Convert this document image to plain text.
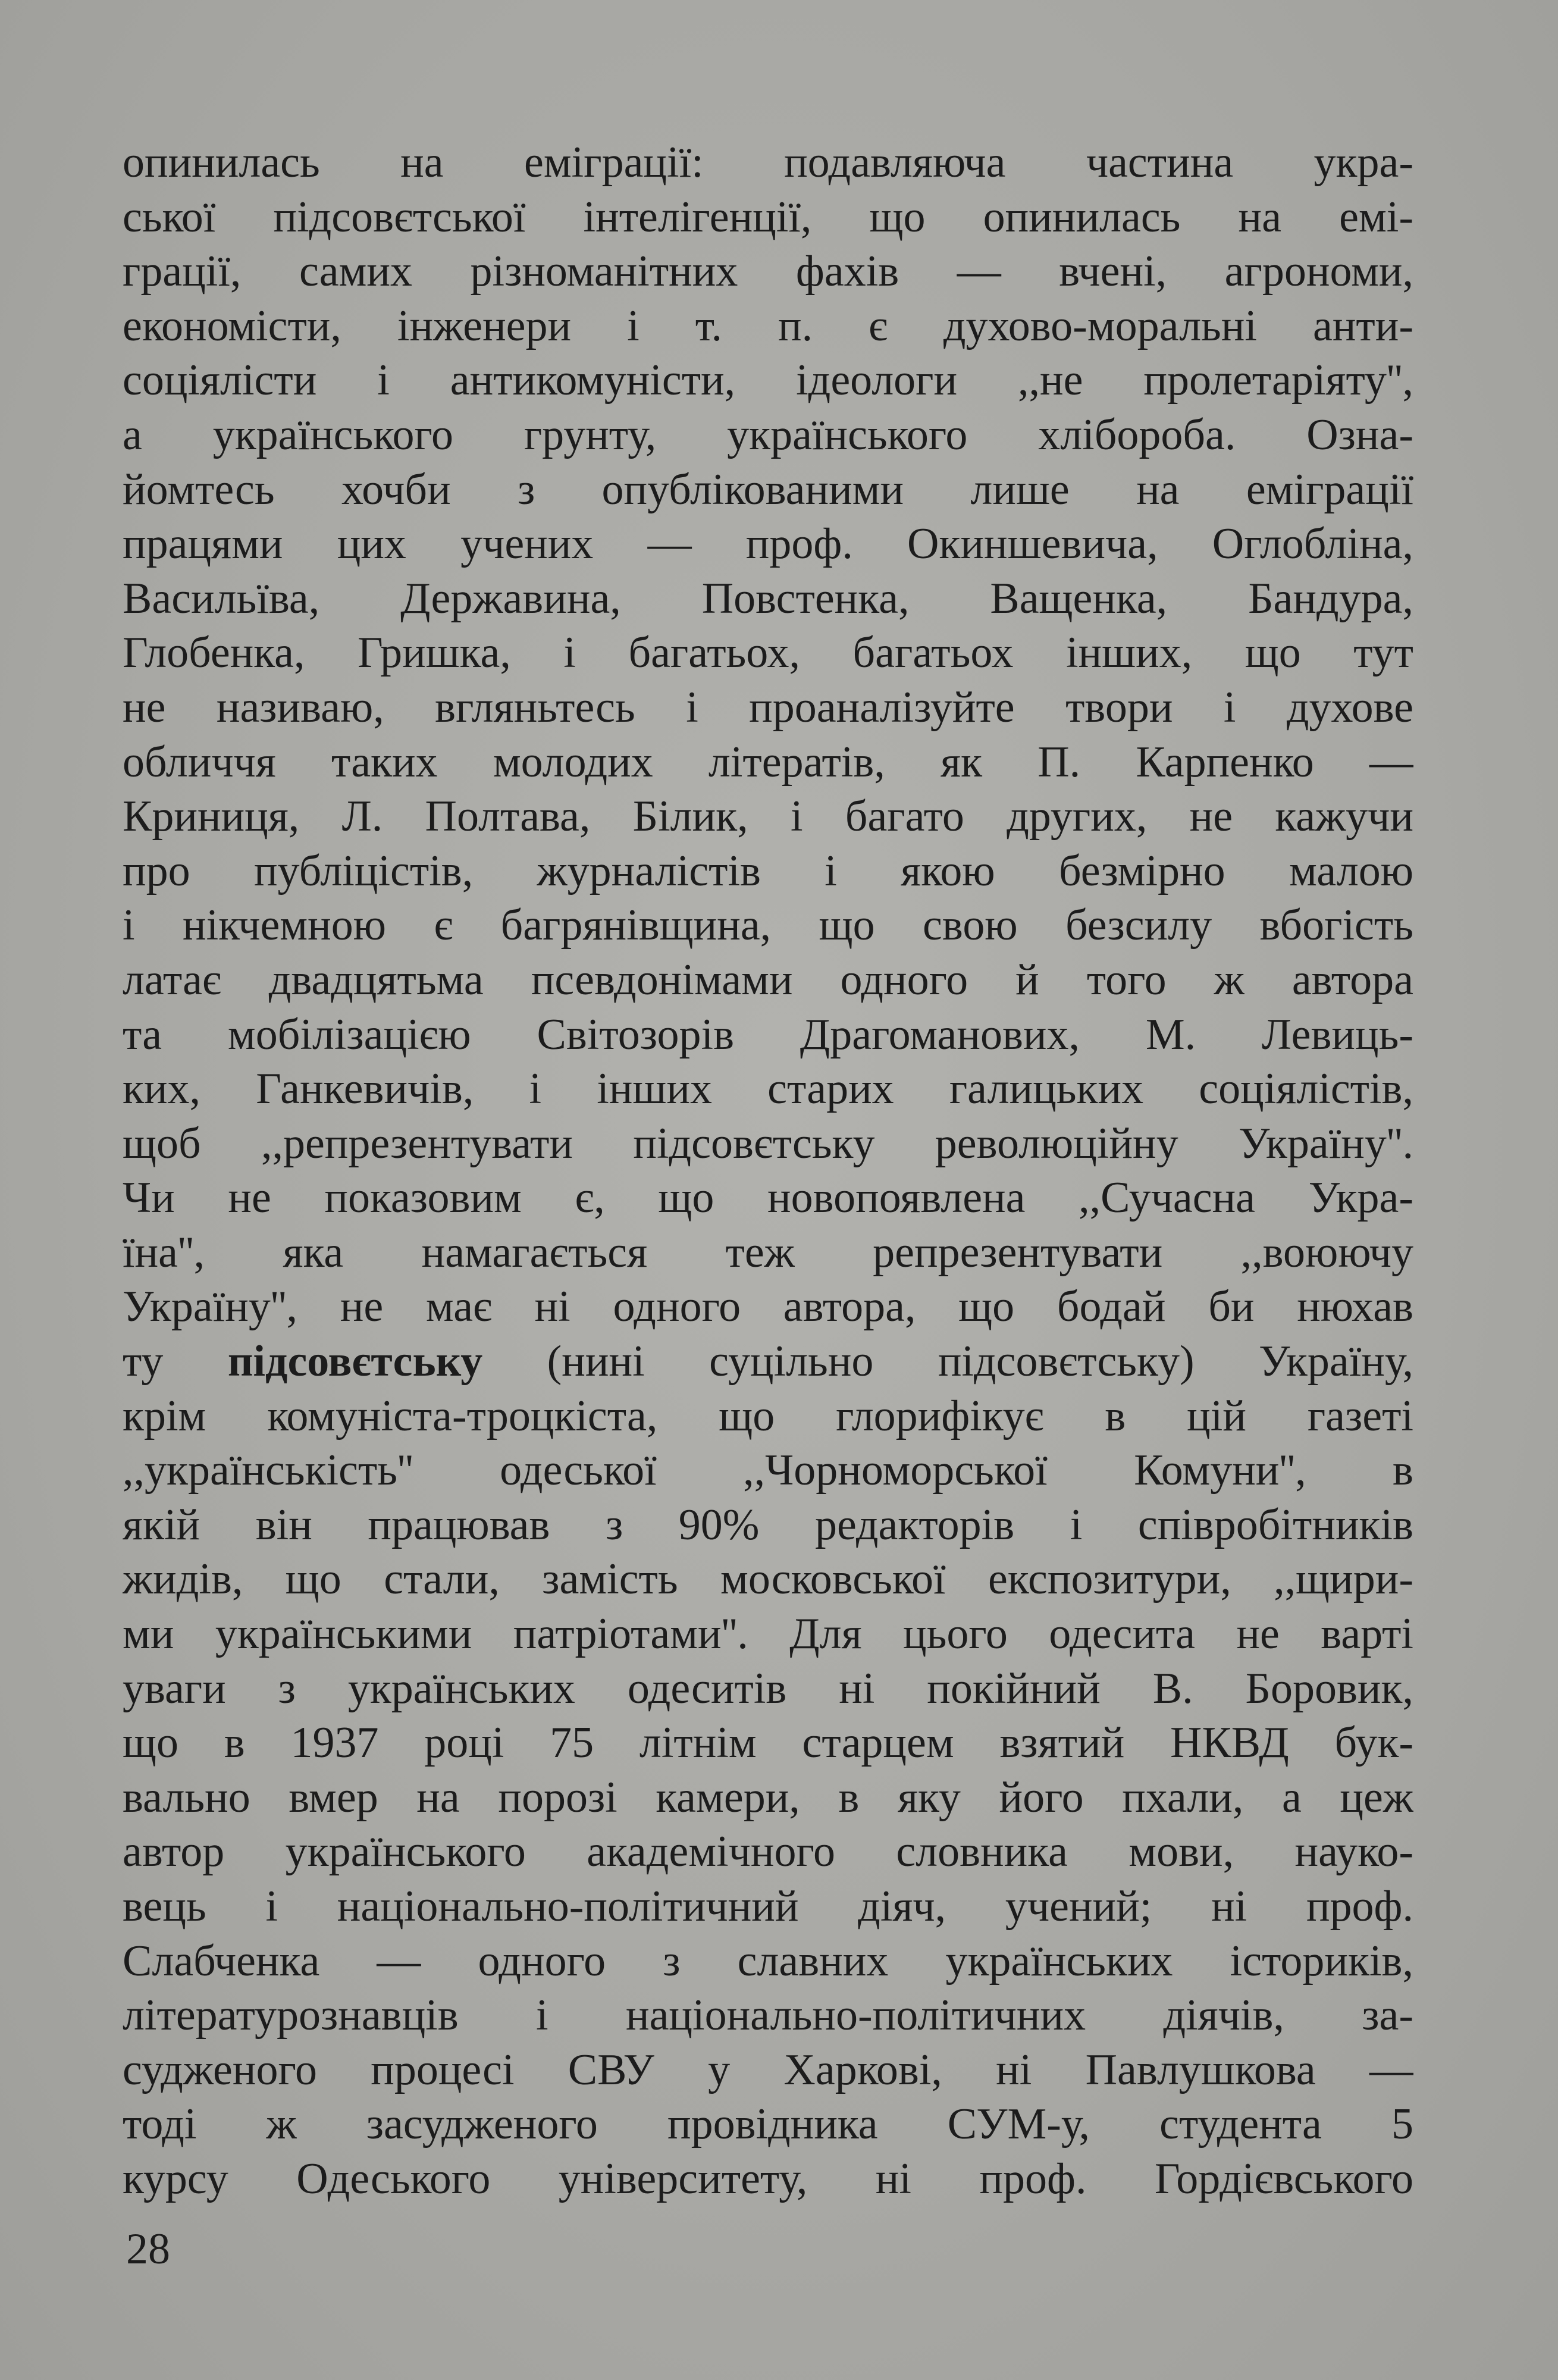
опинилась на еміграції: подавляюча частина укра-
ської підсовєтської інтелігенції, що опинилась на емі-
грації, самих різноманітних фахів — вчені, агрономи,
економісти, інженери і т. п. є духово-моральні анти-
соціялісти і антикомуністи, ідеологи ,,не пролетаріяту'',
а українського грунту, українського хлібороба. Озна-
йомтесь хочби з опублікованими лише на еміграції
працями цих учених — проф. Окиншевича, Оглобліна,
Васильїва, Державина, Повстенка, Ващенка, Бандура,
Глобенка, Гришка, і багатьох, багатьох інших, що тут
не називаю, вгляньтесь і проаналізуйте твори і духове
обличчя таких молодих літератів, як П. Карпенко —
Криниця, Л. Полтава, Білик, і багато других, не кажучи
про публіцістів, журналістів і якою безмірно малою
і нікчемною є багрянівщина, що свою безсилу вбогість
латає двадцятьма псевдонімами одного й того ж автора
та мобілізацією Світозорів Драгоманових, М. Левиць-
ких, Ганкевичів, і інших старих галицьких соціялістів,
щоб ,,репрезентувати підсовєтську революційну Україну''.
Чи не показовим є, що новопоявлена ,,Сучасна Укра-
їна'', яка намагається теж репрезентувати ,,воюючу
Україну'', не має ні одного автора, що бодай би нюхав
ту підсовєтську (нині суцільно підсовєтську) Україну,
крім комуніста-троцкіста, що глорифікує в цій газеті
,,українськість'' одеської ,,Чорноморської Комуни'', в
якій він працював з 90% редакторів і співробітників
жидів, що стали, замість московської експозитури, ,,щири-
ми українськими патріотами''. Для цього одесита не варті
уваги з українських одеситів ні покійний В. Боровик,
що в 1937 році 75 літнім старцем взятий НКВД бук-
вально вмер на порозі камери, в яку його пхали, а цеж
автор українського академічного словника мови, науко-
вець і національно-політичний діяч, учений; ні проф.
Слабченка — одного з славних українських істориків,
літературознавців і національно-політичних діячів, за-
судженого процесі СВУ у Харкові, ні Павлушкова —
тоді ж засудженого провідника СУМ-у, студента 5
курсу Одеського університету, ні проф. Гордієвського
28
